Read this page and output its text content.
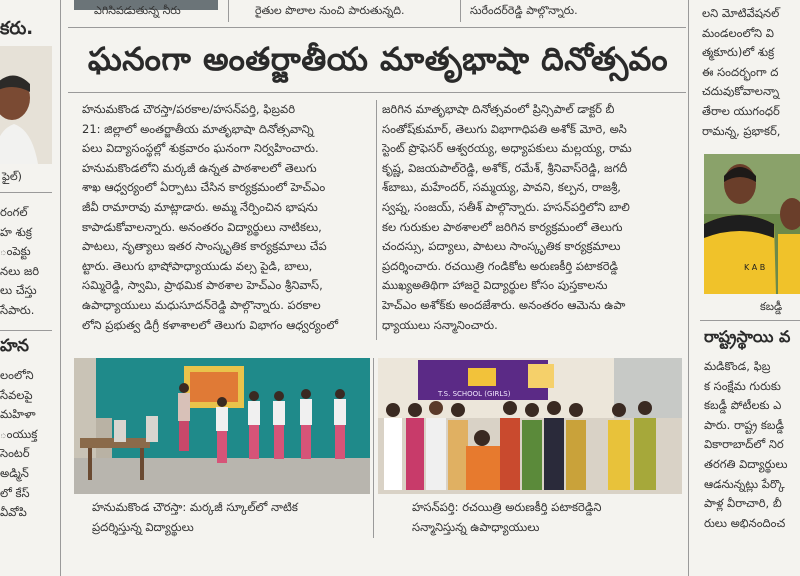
ఎగిసిపడుతున్న నీరు	రైతుల పొలాల నుంచి పారుతున్నది.	సురేందర్‌రెడ్డి పాల్గొన్నారు.
కరు.
ఫైల్)
రంగల్
హ శుక్ర
ంపెక్టు
నలు జరి
లు చేస్తు
సేపారు.
హన
లంలోని
సేవలపై
మహిళా
ంయుక్త
సెంటర్
అడ్మిన్
లో కేస్
వీవోపి
ఘనంగా అంతర్జాతీయ మాతృభాషా దినోత్సవం
హనుమకొండ చౌరస్తా/పరకాల/హసన్‌పర్తి, ఫిబ్రవరి
21: జిల్లాలో అంతర్జాతీయ మాతృభాషా దినోత్సవాన్ని
పలు విద్యాసంస్థల్లో శుక్రవారం ఘనంగా నిర్వహించారు.
హనుమకొండలోని మర్కజీ ఉన్నత పాఠశాలలో తెలుగు
శాఖ ఆధ్వర్యంలో ఏర్పాటు చేసిన కార్యక్రమంలో హెచ్‌ఎం
జీవీ రామారావు మాట్లాడారు. అమ్మ నేర్పించిన భాషను
కాపాడుకోవాలన్నారు. అనంతరం విద్యార్థులు నాటికలు,
పాటలు, నృత్యాలు ఇతర సాంస్కృతిక కార్యక్రమాలు చేప
ట్టారు. తెలుగు భాషోపాధ్యాయుడు వల్స పైడి, బాలు,
సమ్మిరెడ్డి, స్వామి, ప్రాథమిక పాఠశాల హెచ్‌ఎం శ్రీనివాస్,
ఉపాధ్యాయులు మధుసూదన్‌రెడ్డి పాల్గొన్నారు. పరకాల
లోని ప్రభుత్వ డిగ్రీ కళాశాలలో తెలుగు విభాగం ఆధ్వర్యంలో
జరిగిన మాతృభాషా దినోత్సవంలో ప్రిన్సిపాల్ డాక్టర్ బీ
సంతోష్‌కుమార్, తెలుగు విభాగాధిపతి అశోక్ మోరె, అసి
స్టెంట్ ప్రొఫెసర్ ఆశ్వరయ్య, అధ్యాపకులు మల్లయ్య, రామ
కృష్ణ, విజయపాల్‌రెడ్డి, అశోక్, రమేశ్, శ్రీనివాస్‌రెడ్డి, జగదీ
శ్‌బాబు, మహేందర్, సమ్మయ్య, పావని, కల్పన, రాజశ్రీ,
స్వప్న, సంజయ్, సతీశ్ పాల్గొన్నారు. హసన్‌పర్తిలోని బాలి
కల గురుకుల పాఠశాలలో జరిగిన కార్యక్రమంలో తెలుగు
చందస్సు, పద్యాలు, పాటలు సాంస్కృతిక కార్యక్రమాలు
ప్రదర్శించారు. రచయిత్రి గండికోట అరుణకీర్తి పటాకరెడ్డి
ముఖ్యఅతిథిగా హాజరై విద్యార్థుల కోసం పుస్తకాలను
హెచ్‌ఎం అశోక్‌కు అందజేశారు. అనంతరం ఆమెను ఉపా
ధ్యాయులు సన్మానించారు.
T.S. SCHOOL (GIRLS)
హనుమకొండ చౌరస్తా: మర్కజీ స్కూల్‌లో నాటిక
ప్రదర్శిస్తున్న విద్యార్థులు
హసన్‌పర్తి: రచయిత్రి అరుణకీర్తి పటాకరెడ్డిని
సన్మానిస్తున్న ఉపాధ్యాయులు
లని మోటివేషనల్
మండలంలోని వి
త్మకూరు)లో శుక్ర
ఈ సందర్భంగా ద
చదువుకోవాలన్నా
తేరాల యుగంధర్
రామన్న, ప్రభాకర్,
K A B
కబడ్డీ
రాష్ట్రస్థాయి వ
మడికొండ, ఫిబ్ర
క సంక్షేమ గురుకు
కబడ్డీ పోటీలకు ఎ
పారు. రాష్ట్ర కబడ్డీ
వికారాబాద్‌లో నిర
తరగతి విద్యార్థులు
ఆడనున్నట్లు పేర్కొ
పాళ్ల వీరాచారి, బీ
రులు అభినందించ
